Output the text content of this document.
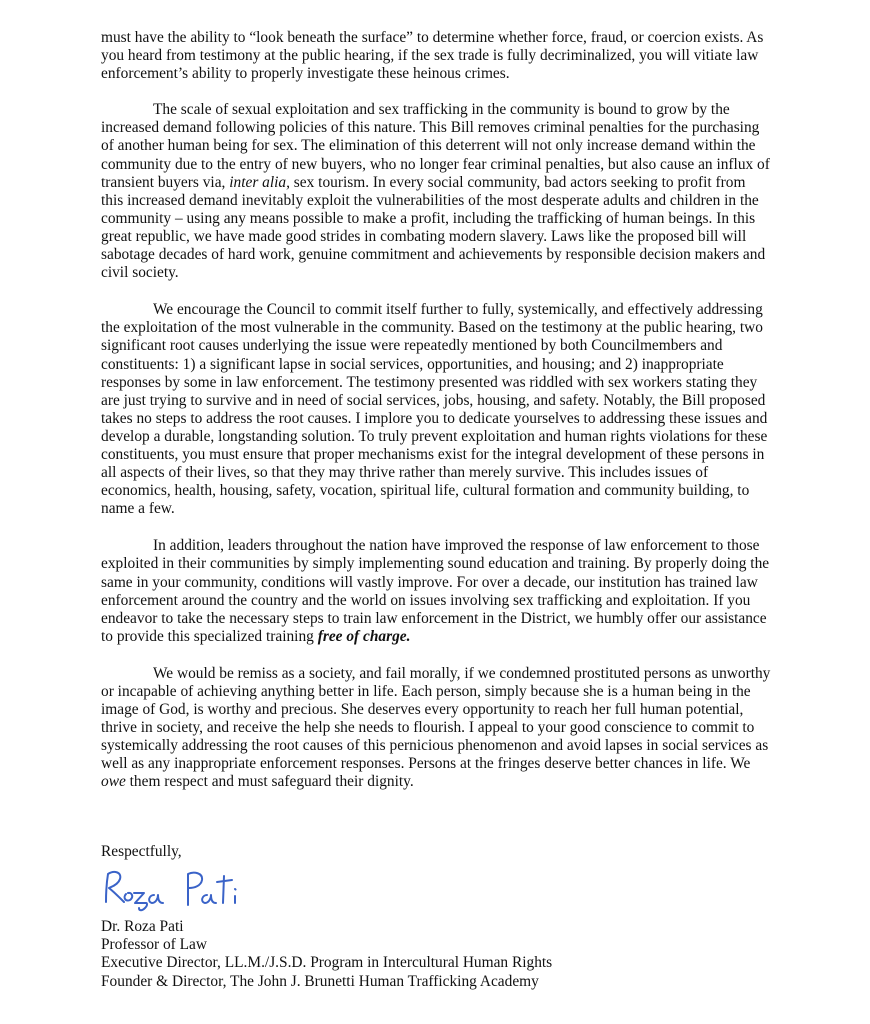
must have the ability to “look beneath the surface” to determine whether force, fraud, or coercion exists. As you heard from testimony at the public hearing, if the sex trade is fully decriminalized, you will vitiate law enforcement’s ability to properly investigate these heinous crimes.

The scale of sexual exploitation and sex trafficking in the community is bound to grow by the increased demand following policies of this nature. This Bill removes criminal penalties for the purchasing of another human being for sex. The elimination of this deterrent will not only increase demand within the community due to the entry of new buyers, who no longer fear criminal penalties, but also cause an influx of transient buyers via, inter alia, sex tourism. In every social community, bad actors seeking to profit from this increased demand inevitably exploit the vulnerabilities of the most desperate adults and children in the community – using any means possible to make a profit, including the trafficking of human beings. In this great republic, we have made good strides in combating modern slavery. Laws like the proposed bill will sabotage decades of hard work, genuine commitment and achievements by responsible decision makers and civil society.

We encourage the Council to commit itself further to fully, systemically, and effectively addressing the exploitation of the most vulnerable in the community. Based on the testimony at the public hearing, two significant root causes underlying the issue were repeatedly mentioned by both Councilmembers and constituents: 1) a significant lapse in social services, opportunities, and housing; and 2) inappropriate responses by some in law enforcement. The testimony presented was riddled with sex workers stating they are just trying to survive and in need of social services, jobs, housing, and safety. Notably, the Bill proposed takes no steps to address the root causes. I implore you to dedicate yourselves to addressing these issues and develop a durable, longstanding solution. To truly prevent exploitation and human rights violations for these constituents, you must ensure that proper mechanisms exist for the integral development of these persons in all aspects of their lives, so that they may thrive rather than merely survive. This includes issues of economics, health, housing, safety, vocation, spiritual life, cultural formation and community building, to name a few.

In addition, leaders throughout the nation have improved the response of law enforcement to those exploited in their communities by simply implementing sound education and training. By properly doing the same in your community, conditions will vastly improve. For over a decade, our institution has trained law enforcement around the country and the world on issues involving sex trafficking and exploitation. If you endeavor to take the necessary steps to train law enforcement in the District, we humbly offer our assistance to provide this specialized training free of charge.

We would be remiss as a society, and fail morally, if we condemned prostituted persons as unworthy or incapable of achieving anything better in life. Each person, simply because she is a human being in the image of God, is worthy and precious. She deserves every opportunity to reach her full human potential, thrive in society, and receive the help she needs to flourish. I appeal to your good conscience to commit to systemically addressing the root causes of this pernicious phenomenon and avoid lapses in social services as well as any inappropriate enforcement responses. Persons at the fringes deserve better chances in life. We owe them respect and must safeguard their dignity.

Respectfully,
Dr. Roza Pati
Professor of Law
Executive Director, LL.M./J.S.D. Program in Intercultural Human Rights
Founder & Director, The John J. Brunetti Human Trafficking Academy
